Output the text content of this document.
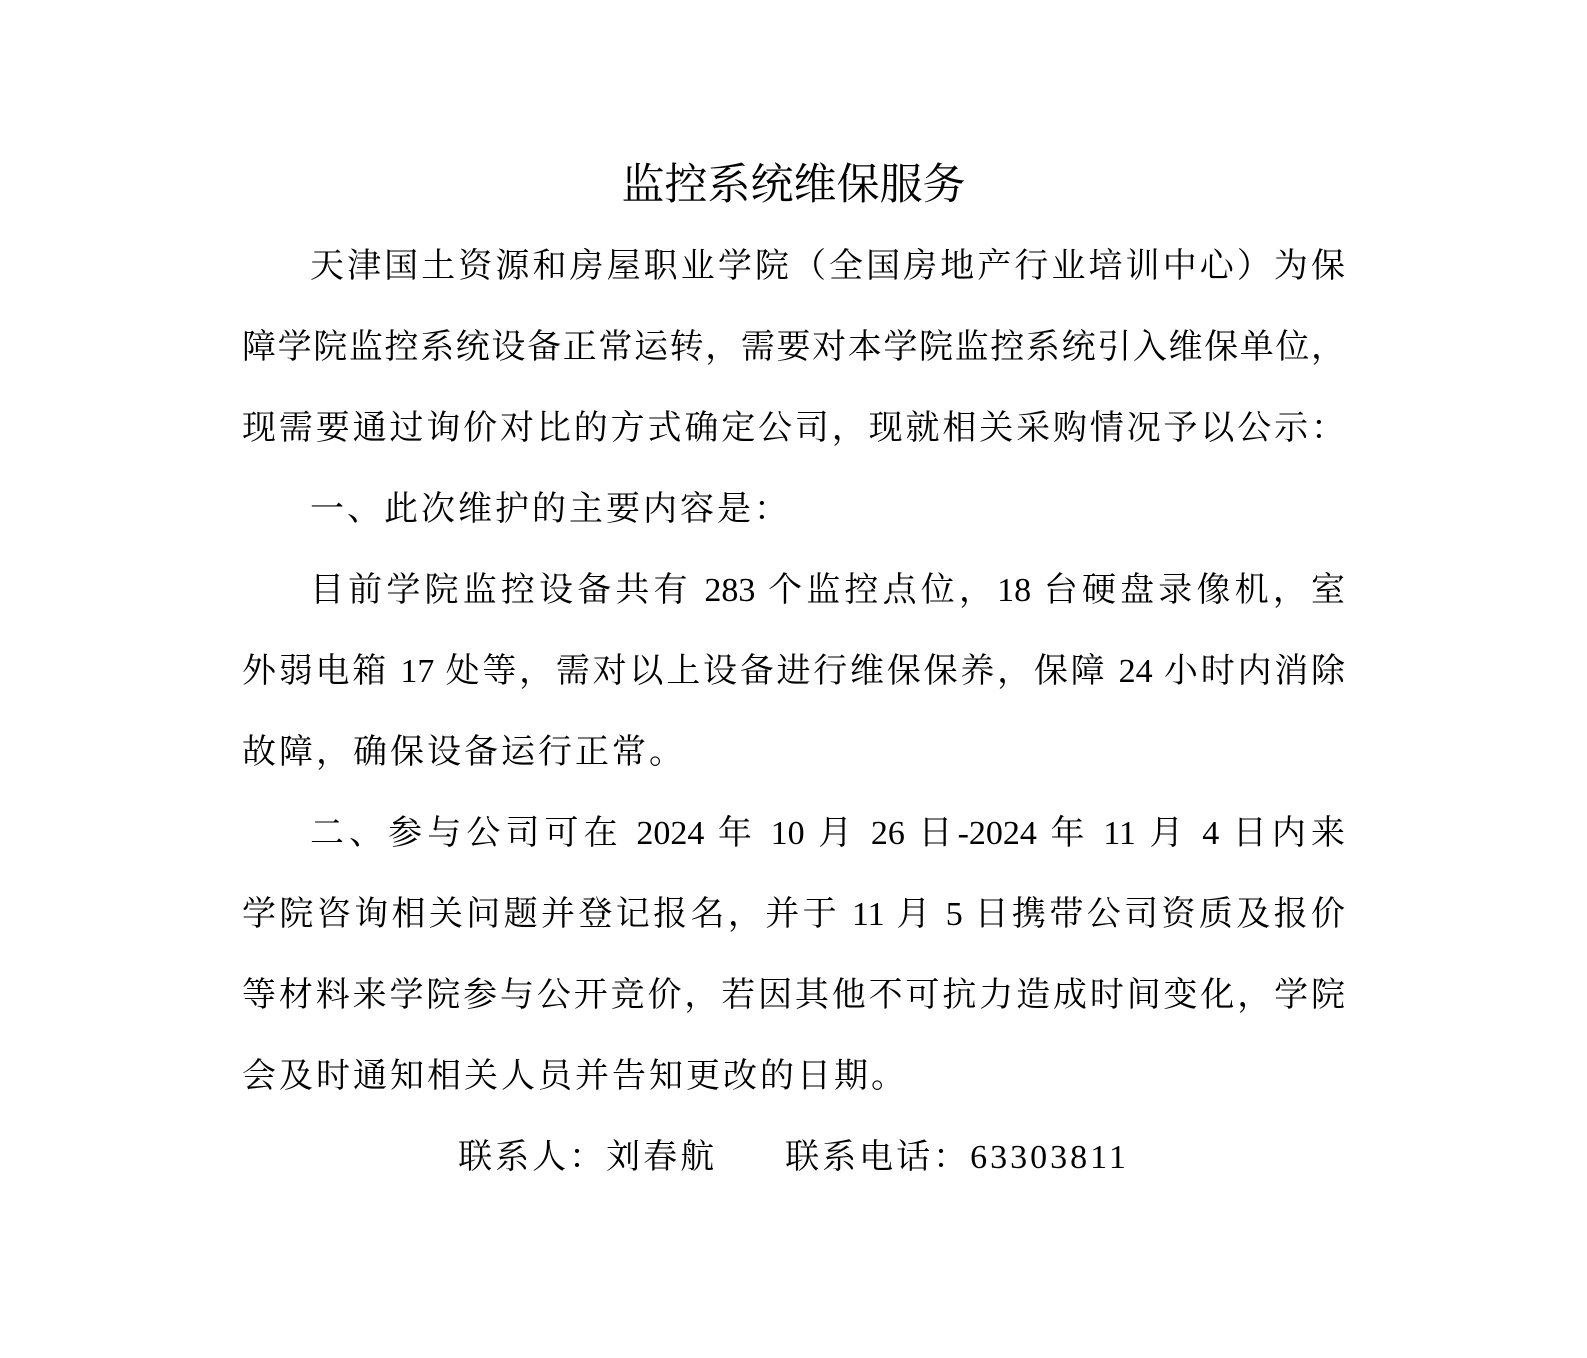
监控系统维保服务

天津国土资源和房屋职业学院（全国房地产行业培训中心）为保

障学院监控系统设备正常运转，需要对本学院监控系统引入维保单位，

现需要通过询价对比的方式确定公司，现就相关采购情况予以公示：

一、此次维护的主要内容是：

目前学院监控设备共有 283 个监控点位，18 台硬盘录像机，室

外弱电箱 17 处等，需对以上设备进行维保保养，保障 24 小时内消除

故障，确保设备运行正常。

二、参与公司可在 2024 年 10 月 26 日-2024 年 11 月 4 日内来

学院咨询相关问题并登记报名，并于 11 月 5 日携带公司资质及报价

等材料来学院参与公开竞价，若因其他不可抗力造成时间变化，学院

会及时通知相关人员并告知更改的日期。

联系人：刘春航 联系电话：63303811
